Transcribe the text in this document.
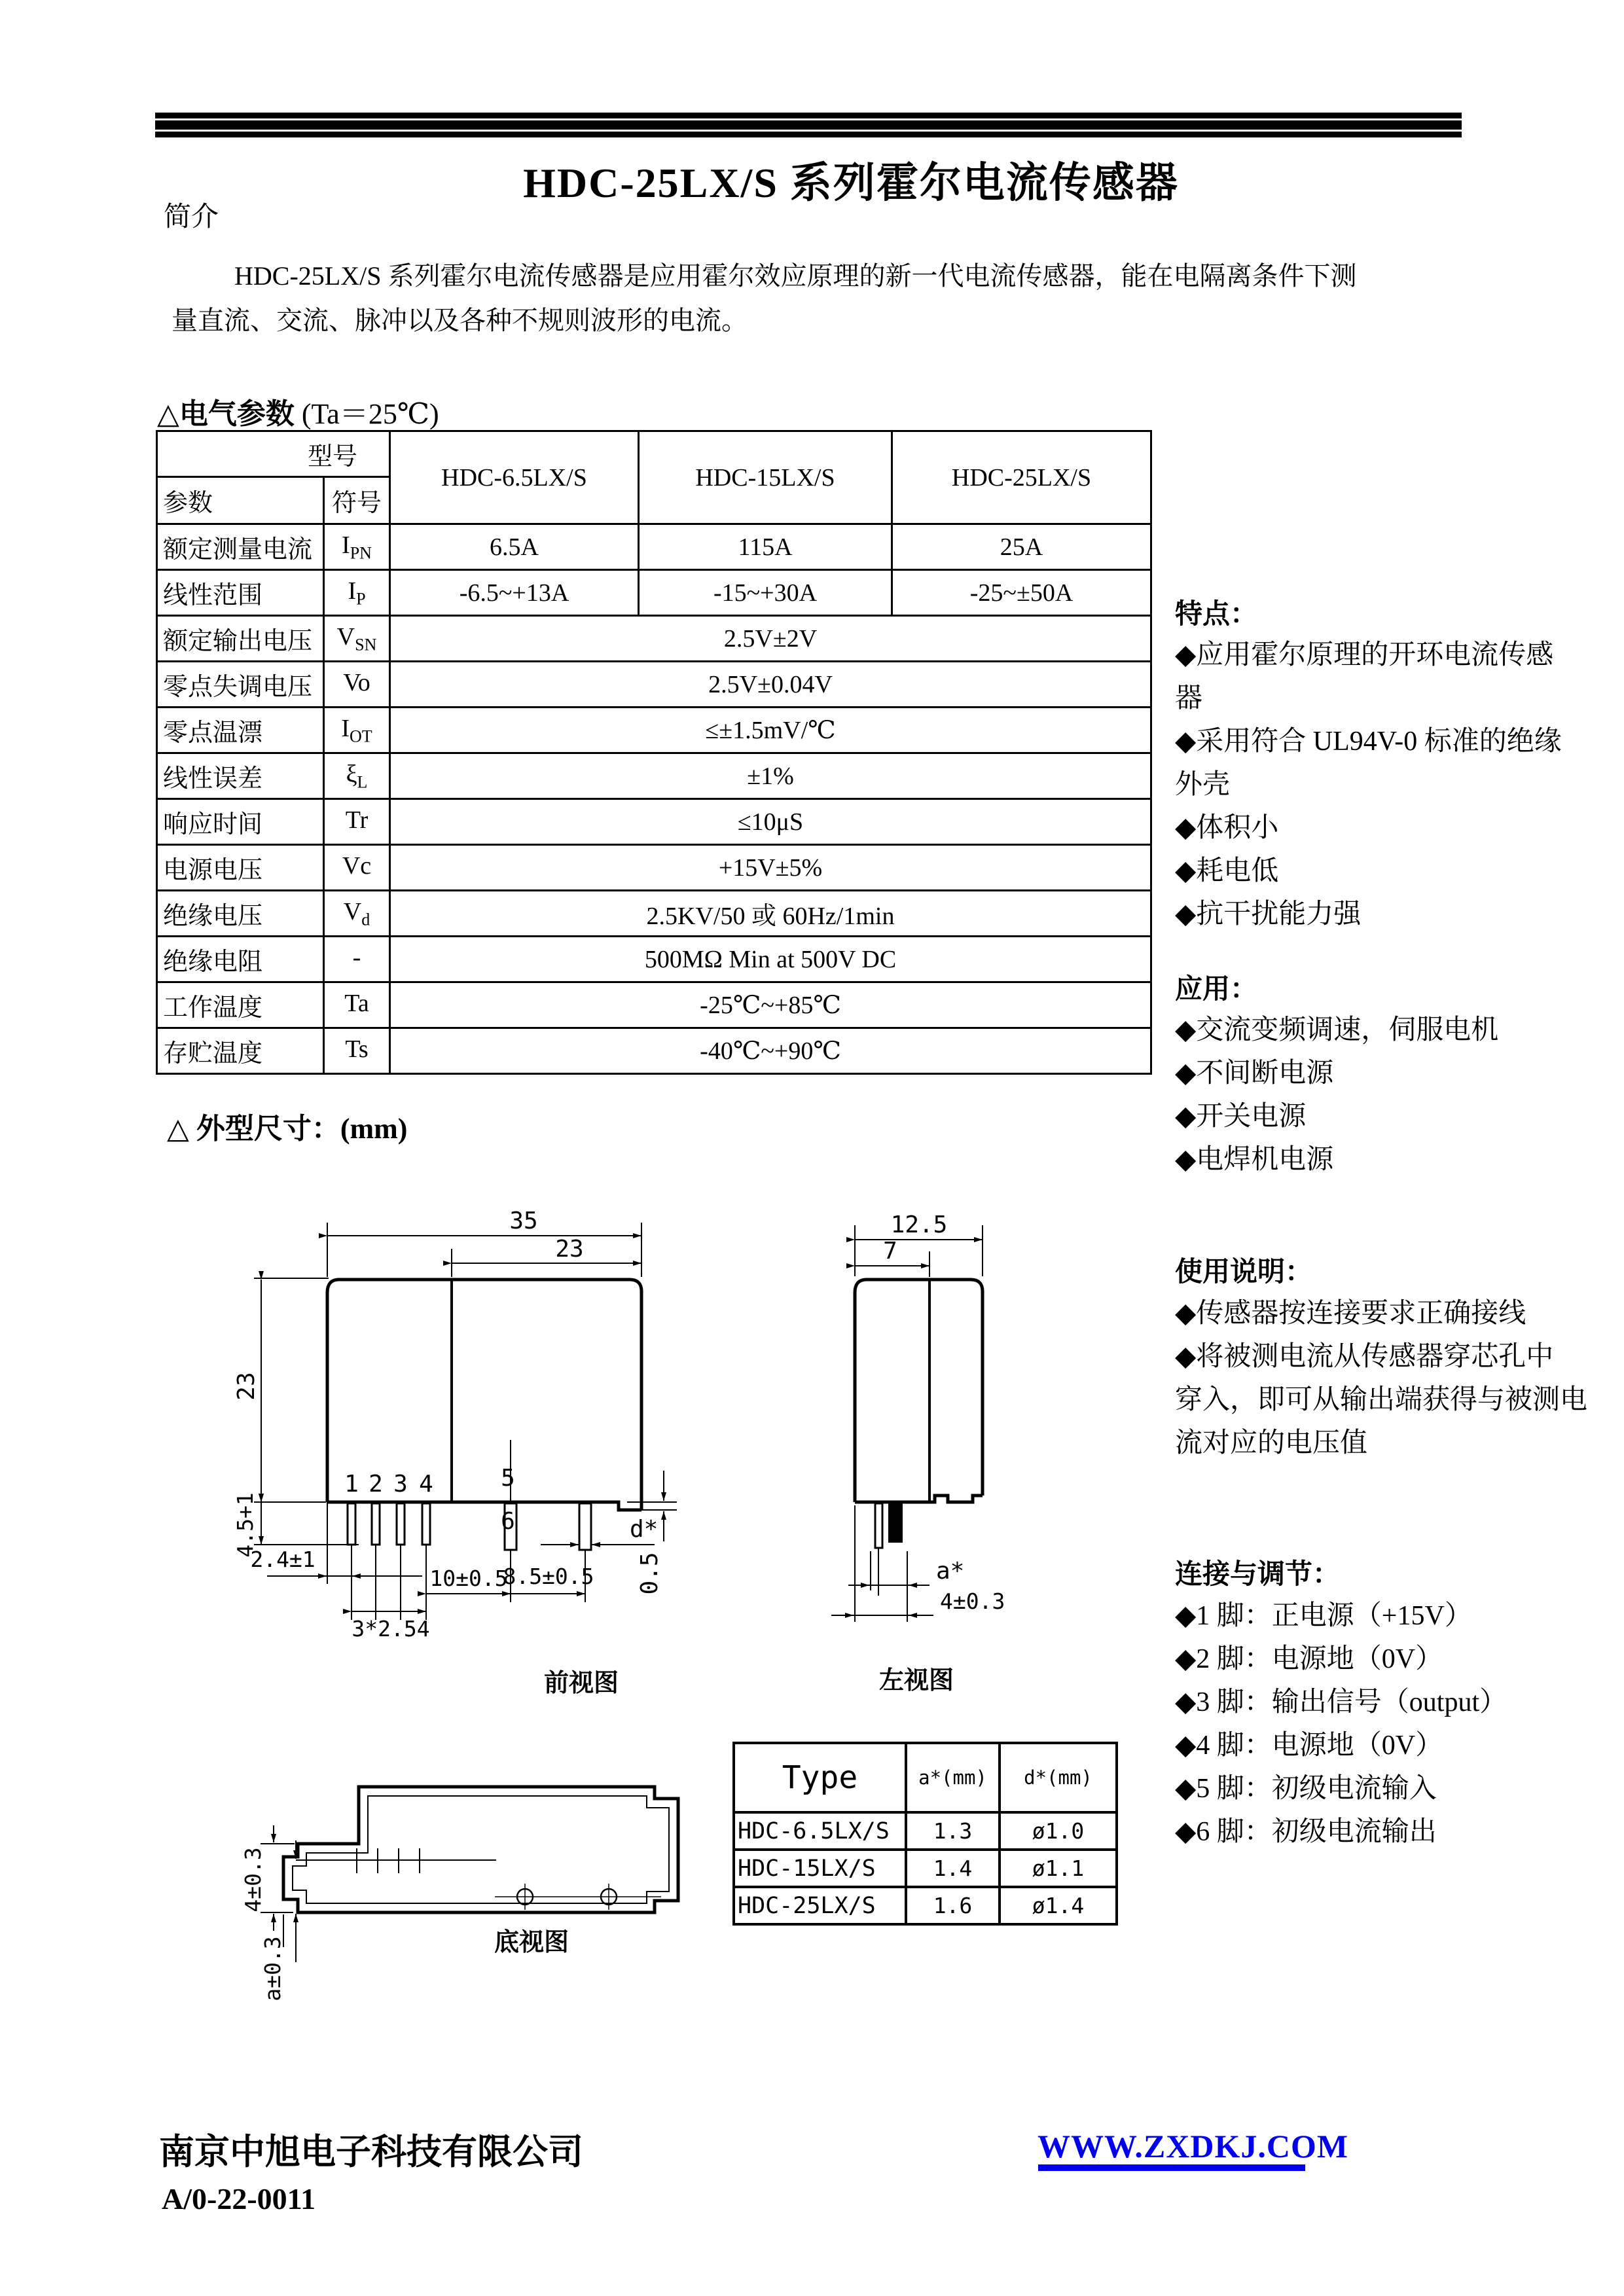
HDC-25LX/S 系列霍尔电流传感器
简介
HDC-25LX/S 系列霍尔电流传感器是应用霍尔效应原理的新一代电流传感器，能在电隔离条件下测
量直流、交流、脉冲以及各种不规则波形的电流。
△电气参数 (Ta＝25℃)
型号		HDC-6.5LX/S	HDC-15LX/S	HDC-25LX/S
参数	符号			
额定测量电流	$I_{PN}$	6.5A	115A	25A
线性范围	$I_P$	-6.5~+13A	-15~+30A	-25~±50A
额定输出电压	$V_{SN}$	2.5V±2V		
零点失调电压	Vo	2.5V±0.04V		
零点温漂	$I_{OT}$	≤±1.5mV/℃		
线性误差	$\xi_L$	±1%		
响应时间	Tr	≤10μS		
电源电压	Vc	+15V±5%		
绝缘电压	$V_d$	2.5KV/50 或 60Hz/1min		
绝缘电阻	-	500MΩ Min at 500V DC		
工作温度	Ta	-25℃~+85℃		
存贮温度	Ts	-40℃~+90℃		
特点：
◆应用霍尔原理的开环电流传感
器
◆采用符合 UL94V-0 标准的绝缘
外壳
◆体积小
◆耗电低
◆抗干扰能力强
应用：
◆交流变频调速，伺服电机
◆不间断电源
◆开关电源
◆电焊机电源
使用说明：
◆传感器按连接要求正确接线
◆将被测电流从传感器穿芯孔中
穿入，即可从输出端获得与被测电
流对应的电压值
连接与调节：
◆1 脚：正电源（+15V）
◆2 脚：电源地（0V）
◆3 脚：输出信号（output）
◆4 脚：电源地（0V）
◆5 脚：初级电流输入
◆6 脚：初级电流输出
△ 外型尺寸：(mm)
1 2 3 4	5
6
35
23
23
4.5+1
2.4±1
10±0.5
8.5±0.5
3*2.54
d*
0.5
前视图
12.5
7
a*
4±0.3
左视图
4±0.3
a±0.3	底视图
Type	a*(mm)	d*(mm)
HDC-6.5LX/S	1.3	ø1.0
HDC-15LX/S	1.4	ø1.1
HDC-25LX/S	1.6	ø1.4
南京中旭电子科技有限公司
A/0-22-0011
WWW.ZXDKJ.COM
